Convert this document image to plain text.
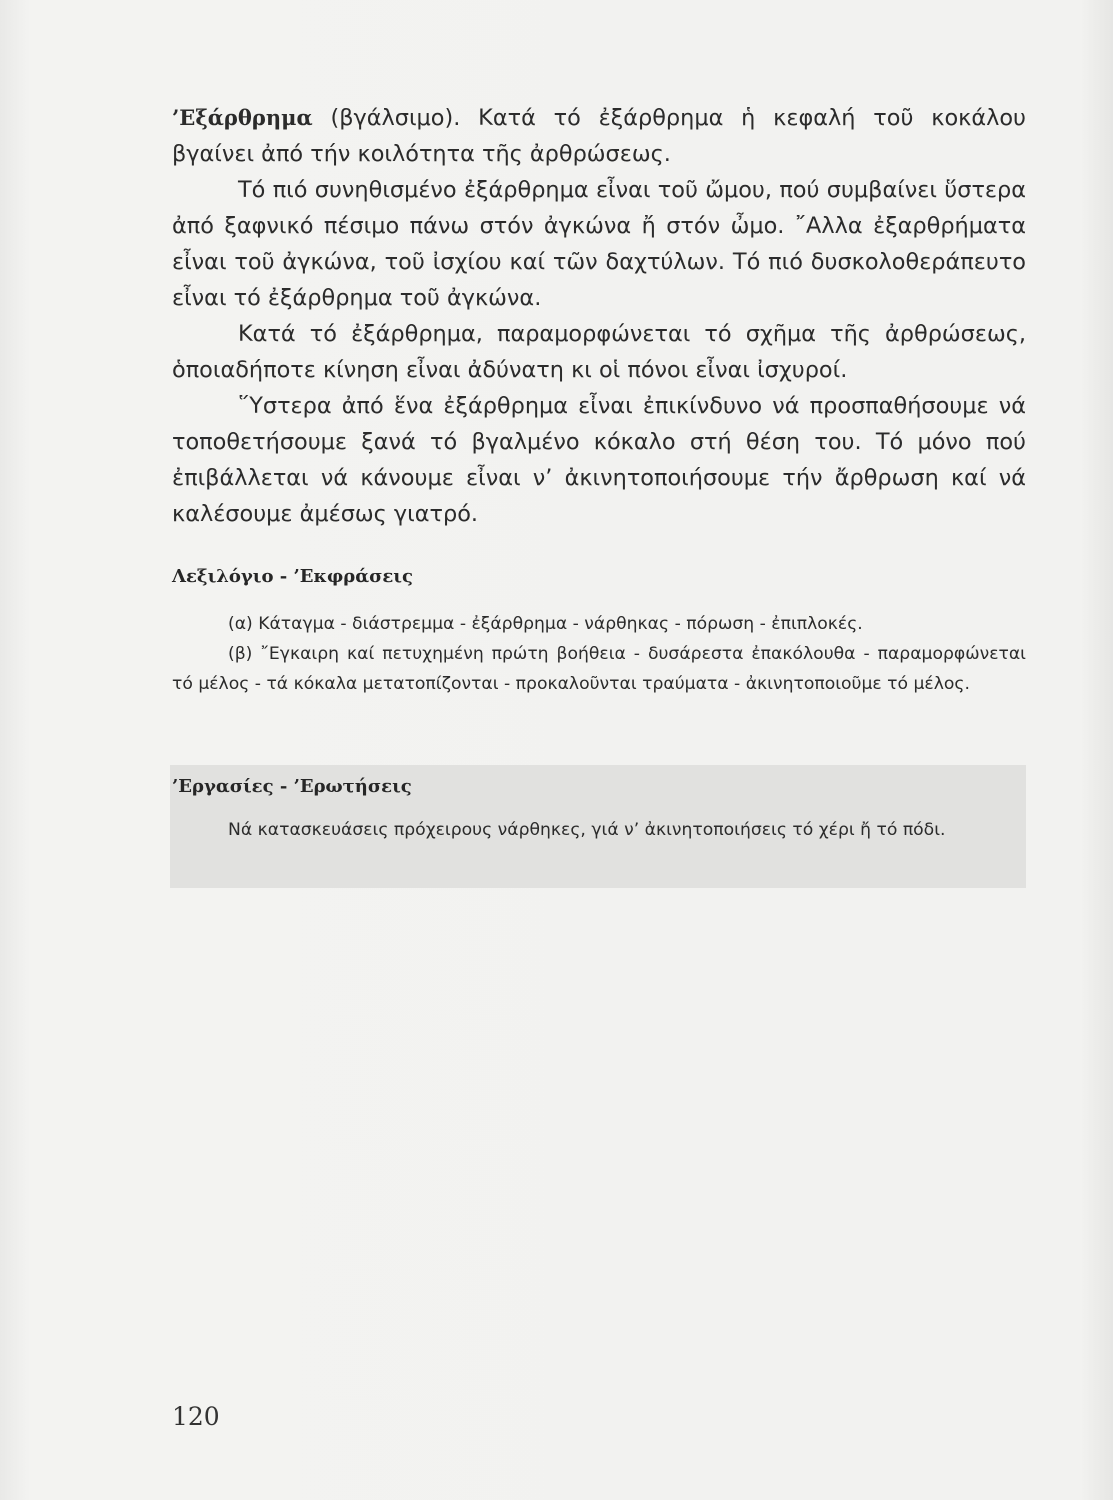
’Εξάρθρημα (βγάλσιμο). Κατά τό ἐξάρθρημα ἡ κεφαλή τοῦ κοκάλου βγαίνει ἀπό τήν κοιλότητα τῆς ἀρθρώσεως.

Τό πιό συνηθισμένο ἐξάρθρημα εἶναι τοῦ ὤμου, πού συμβαίνει ὕστερα ἀπό ξαφνικό πέσιμο πάνω στόν ἀγκώνα ἤ στόν ὦμο. ῎Αλλα ἐξαρθρήματα εἶναι τοῦ ἀγκώνα, τοῦ ἰσχίου καί τῶν δαχτύλων. Τό πιό δυσκολοθεράπευτο εἶναι τό ἐξάρθρημα τοῦ ἀγκώνα.

Κατά τό ἐξάρθρημα, παραμορφώνεται τό σχῆμα τῆς ἀρθρώσεως, ὁποιαδήποτε κίνηση εἶναι ἀδύνατη κι οἱ πόνοι εἶναι ἰσχυροί.

῞Υστερα ἀπό ἕνα ἐξάρθρημα εἶναι ἐπικίνδυνο νά προσπαθήσουμε νά τοποθετήσουμε ξανά τό βγαλμένο κόκαλο στή θέση του. Τό μόνο πού ἐπιβάλλεται νά κάνουμε εἶναι ν’ ἀκινητοποιήσουμε τήν ἄρθρωση καί νά καλέσουμε ἀμέσως γιατρό.

Λεξιλόγιο - ’Εκφράσεις

(α) Κάταγμα - διάστρεμμα - ἐξάρθρημα - νάρθηκας - πόρωση - ἐπιπλοκές.

(β) ῎Εγκαιρη καί πετυχημένη πρώτη βοήθεια - δυσάρεστα ἐπακόλουθα - παραμορφώνεται τό μέλος - τά κόκαλα μετατοπίζονται - προκαλοῦνται τραύματα - ἀκινητοποιοῦμε τό μέλος.

’Εργασίες - ’Ερωτήσεις

Νά κατασκευάσεις πρόχειρους νάρθηκες, γιά ν’ ἀκινητοποιήσεις τό χέρι ἤ τό πόδι.

120
